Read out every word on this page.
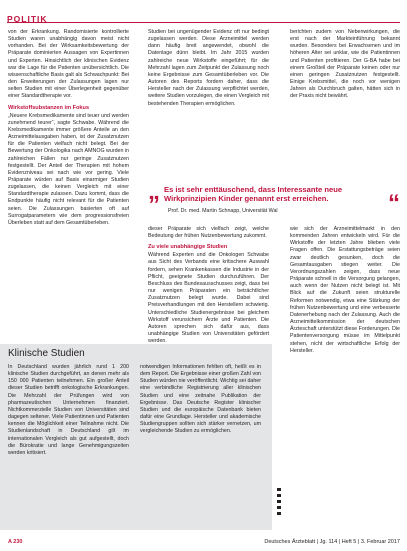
POLITIK

von der Erkrankung. Randomisierte kontrollierte Studien waren unabhängig davon meist nicht vorhanden. Bei der Wirksamkeitsbewertung der Präparate dominierten Aussagen von Expertinnen und Experten. Hinsichtlich der klinischen Evidenz war die Lage für die Patienten unübersichtlich. Die wissenschaftliche Basis galt als Schwachpunkt: Bei den Erweiterungen der Zulassungen lagen nur selten Studien mit einer Überlegenheit gegenüber einer Standardtherapie vor.

Wirkstoffsubstanzen im Fokus

„Neuere Krebsmedikamente sind teuer und werden zunehmend teurer“, sagte Schwabe. Während die Krebsmedikamente immer größere Anteile an den Arzneimittelausgaben haben, ist der Zusatznutzen für die Patienten vielfach nicht belegt. Bei der Bewertung der Onkologika nach AMNOG wurden in zahlreichen Fällen nur geringe Zusatznutzen festgestellt. Der Anteil der Therapien mit hohem Evidenzniveau sei nach wie vor gering. Viele Präparate würden auf Basis einarmiger Studien zugelassen, die keinen Vergleich mit einer Standardtherapie zulassen. Dazu kommt, dass die Endpunkte häufig nicht relevant für die Patienten seien. Die Zulassungen basierten oft auf Surrogatparametern wie dem progressionsfreien Überleben statt auf dem Gesamtüberleben.

Studien bei ungenügender Evidenz oft nur bedingt zugelassen werden. Diese Arzneimittel werden dann häufig breit angewendet, obwohl die Datenlage dünn bleibt. Im Jahr 2015 wurden zahlreiche neue Wirkstoffe eingeführt; für die Mehrzahl lagen zum Zeitpunkt der Zulassung noch keine Ergebnisse zum Gesamtüberleben vor. Die Autoren des Reports fordern daher, dass die Hersteller nach der Zulassung verpflichtet werden, weitere Studien vorzulegen, die einen Vergleich mit bestehenden Therapien ermöglichen.

berichten zudem von Nebenwirkungen, die erst nach der Markteinführung bekannt wurden. Besonders bei Erwachsenen und im höheren Alter sei unklar, wie die Patientinnen und Patienten profitieren. Der G-BA habe bei einem Großteil der Präparate keinen oder nur einen geringen Zusatznutzen festgestellt. Einige Krebsmittel, die noch vor wenigen Jahren als Durchbruch galten, hätten sich in der Praxis nicht bewährt.

„ Es ist sehr enttäuschend, dass Interessante neue Wirkprinzipien Kinder genannt erst erreichen.
Prof. Dr. med. Martin Schnapp, Universität Wal	“

dieser Präparate sich vielfach zeigt, welche Bedeutung der frühen Nutzenbewertung zukommt.

Zu viele unabhängige Studien

Während Experten und die Onkologen Schwabe aus Sicht des Verbands eine kritischere Auswahl fordern, sehen Krankenkassen die Industrie in der Pflicht, geeignete Studien durchzuführen. Der Beschluss des Bundesausschusses zeigt, dass bei nur wenigen Präparaten ein beträchtlicher Zusatznutzen belegt wurde. Dabei sind Preisverhandlungen mit den Herstellern schwierig. Unterschiedliche Studienergebnisse bei gleichem Wirkstoff verunsichern Ärzte und Patienten. Die Autoren sprechen sich dafür aus, dass unabhängige Studien von Universitäten gefördert werden.

wie sich der Arzneimittelmarkt in den kommenden Jahren entwickeln wird. Für die Wirkstoffe der letzten Jahre blieben viele Fragen offen. Die Erstattungsbeträge seien zwar deutlich gesunken, doch die Gesamtausgaben stiegen weiter. Die Verordnungszahlen zeigen, dass neue Präparate schnell in die Versorgung gelangen, auch wenn der Nutzen nicht belegt ist. Mit Blick auf die Zukunft seien strukturelle Reformen notwendig, etwa eine Stärkung der frühen Nutzenbewertung und eine verbesserte Datenerhebung nach der Zulassung. Auch die Arzneimittelkommission der deutschen Ärzteschaft unterstützt diese Forderungen. Die Patientenversorgung müsse im Mittelpunkt stehen, nicht der wirtschaftliche Erfolg der Hersteller.

Klinische Studien
In Deutschland wurden jährlich rund 1 200 klinische Studien durchgeführt, an denen mehr als 150 000 Patienten teilnehmen. Ein großer Anteil dieser Studien betrifft onkologische Erkrankungen. Die Mehrzahl der Prüfungen wird von pharmazeutischen Unternehmen finanziert. Nichtkommerzielle Studien von Universitäten sind dagegen seltener. Viele Patientinnen und Patienten kennen die Möglichkeit einer Teilnahme nicht. Die Studienlandschaft in Deutschland gilt im internationalen Vergleich als gut aufgestellt, doch die Bürokratie und lange Genehmigungszeiten werden kritisiert.
notwendigen Informationen fehlten oft, heißt es in dem Report. Die Ergebnisse einer großen Zahl von Studien würden nie veröffentlicht. Wichtig sei daher eine verbindliche Registrierung aller klinischen Studien und eine zeitnahe Publikation der Ergebnisse. Das Deutsche Register klinischer Studien und die europäische Datenbank bieten dafür eine Grundlage. Hersteller und akademische Studiengruppen sollten sich stärker vernetzen, um vergleichende Studien zu ermöglichen.
A 230	Deutsches Ärzteblatt | Jg. 114 | Heft 5 | 3. Februar 2017
